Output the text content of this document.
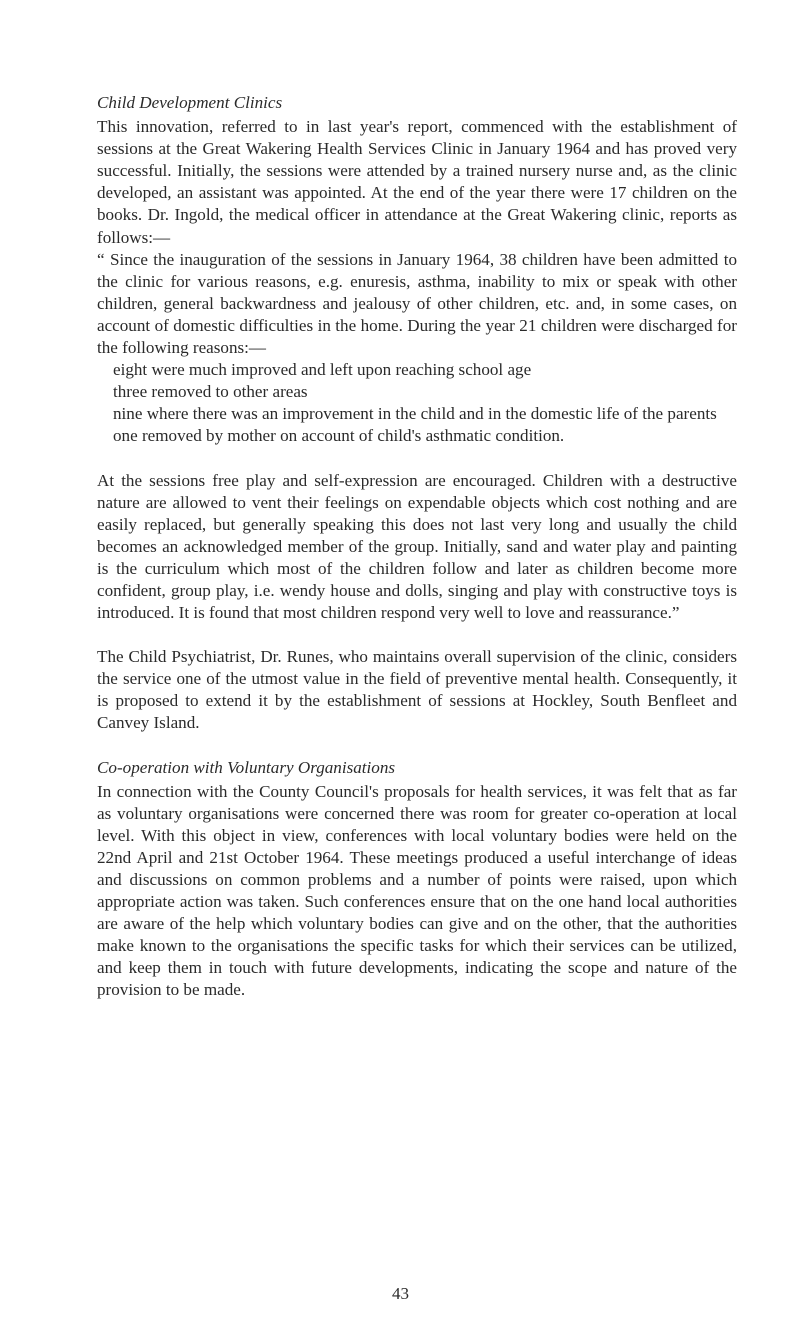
Child Development Clinics

This innovation, referred to in last year's report, commenced with the establishment of sessions at the Great Wakering Health Services Clinic in January 1964 and has proved very successful. Initially, the sessions were attended by a trained nursery nurse and, as the clinic developed, an assistant was appointed. At the end of the year there were 17 children on the books. Dr. Ingold, the medical officer in attendance at the Great Wakering clinic, reports as follows:—

“ Since the inauguration of the sessions in January 1964, 38 children have been admitted to the clinic for various reasons, e.g. enuresis, asthma, inability to mix or speak with other children, general backwardness and jealousy of other children, etc. and, in some cases, on account of domestic difficulties in the home. During the year 21 children were discharged for the following reasons:—

eight were much improved and left upon reaching school age
three removed to other areas
nine where there was an improvement in the child and in the domestic life of the parents
one removed by mother on account of child's asthmatic condition.

At the sessions free play and self-expression are encouraged. Children with a destructive nature are allowed to vent their feelings on expendable objects which cost nothing and are easily replaced, but generally speaking this does not last very long and usually the child becomes an acknowledged member of the group. Initially, sand and water play and painting is the curriculum which most of the children follow and later as children become more confident, group play, i.e. wendy house and dolls, singing and play with constructive toys is introduced. It is found that most children respond very well to love and reassurance.”

The Child Psychiatrist, Dr. Runes, who maintains overall supervision of the clinic, considers the service one of the utmost value in the field of preventive mental health. Consequently, it is proposed to extend it by the establishment of sessions at Hockley, South Benfleet and Canvey Island.

Co-operation with Voluntary Organisations

In connection with the County Council's proposals for health services, it was felt that as far as voluntary organisations were concerned there was room for greater co-operation at local level. With this object in view, conferences with local voluntary bodies were held on the 22nd April and 21st October 1964. These meetings produced a useful interchange of ideas and discussions on common problems and a number of points were raised, upon which appropriate action was taken. Such conferences ensure that on the one hand local authorities are aware of the help which voluntary bodies can give and on the other, that the authorities make known to the organisations the specific tasks for which their services can be utilized, and keep them in touch with future developments, indicating the scope and nature of the provision to be made.

43
